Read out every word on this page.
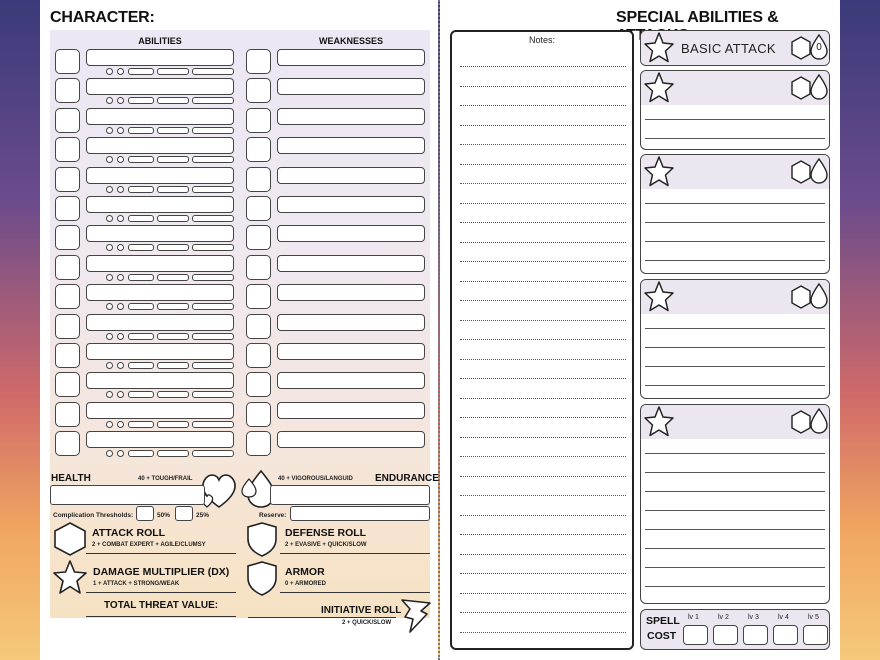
CHARACTER:
ABILITIES	WEAKNESSES
HEALTH	40 + TOUGH/FRAIL	40 + VIGOROUS/LANGUID ENDURANCE
Complication Thresholds:	50%	25%	Reserve:
ATTACK ROLL
2 + COMBAT EXPERT + AGILE/CLUMSY
DEFENSE ROLL
2 + EVASIVE + QUICK/SLOW
DAMAGE MULTIPLIER (DX)
1 + ATTACK + STRONG/WEAK
ARMOR
0 + ARMORED
TOTAL THREAT VALUE:	INITIATIVE ROLL
2 + QUICK/SLOW
SPECIAL ABILITIES &
Notes:
BASIC ATTACK	0
SPELL
COST
lv 1	lv 2	lv 3	lv 4	lv 5
